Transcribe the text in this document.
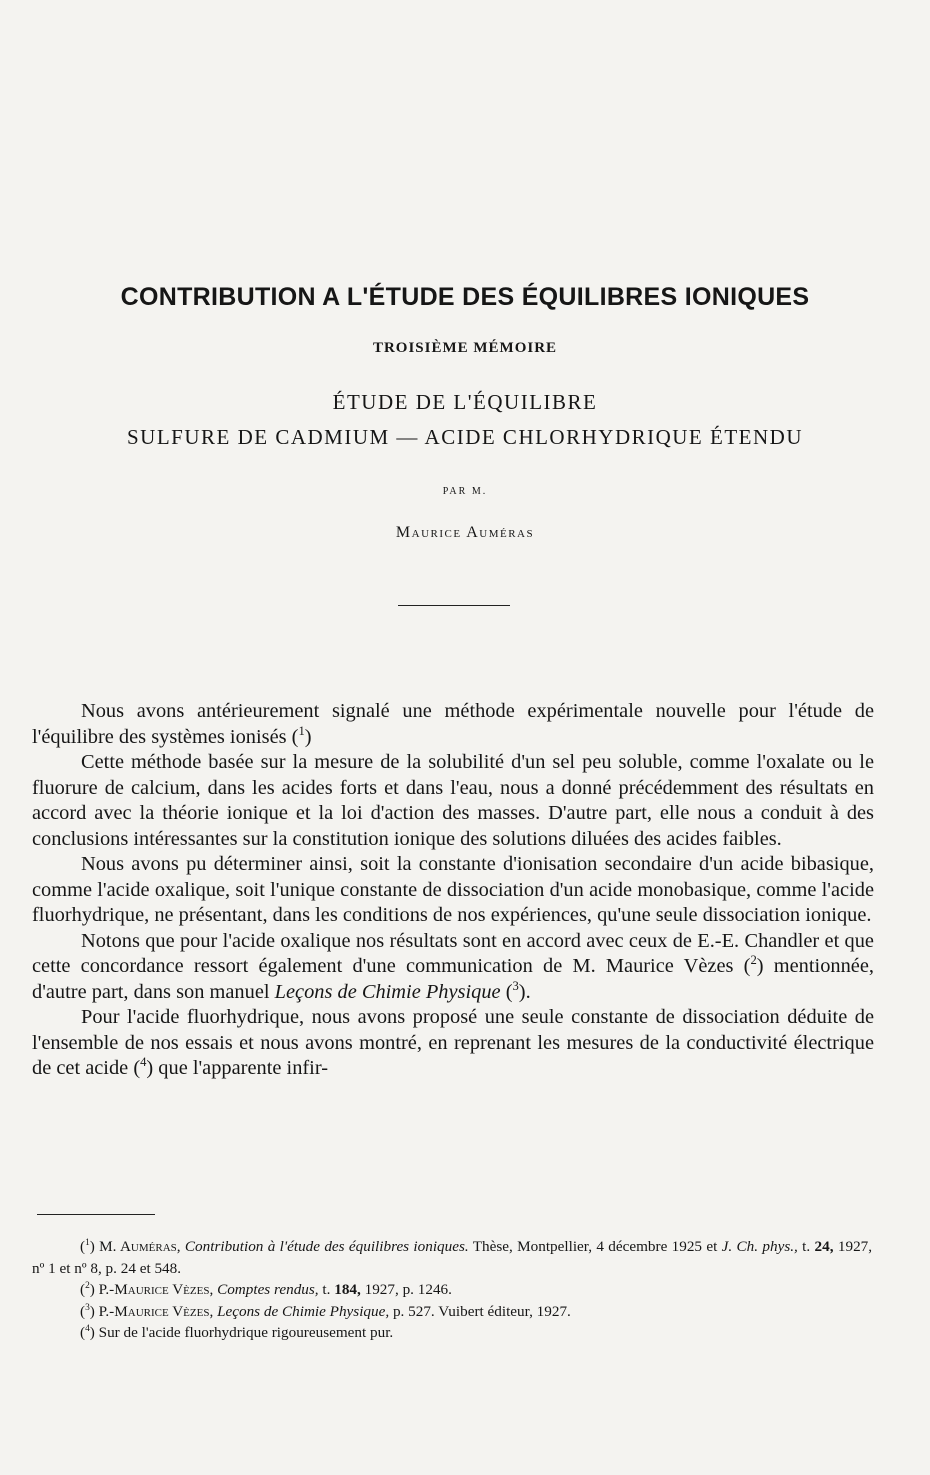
CONTRIBUTION A L'ÉTUDE DES ÉQUILIBRES IONIQUES
TROISIÈME MÉMOIRE
ÉTUDE DE L'ÉQUILIBRE
SULFURE DE CADMIUM — ACIDE CHLORHYDRIQUE ÉTENDU
PAR M.
Maurice Auméras

Nous avons antérieurement signalé une méthode expérimentale nouvelle pour l'étude de l'équilibre des systèmes ionisés ($^1$)

Cette méthode basée sur la mesure de la solubilité d'un sel peu soluble, comme l'oxalate ou le fluorure de calcium, dans les acides forts et dans l'eau, nous a donné précédemment des résultats en accord avec la théorie ionique et la loi d'action des masses. D'autre part, elle nous a conduit à des conclusions intéressantes sur la constitution ionique des solutions diluées des acides faibles.

Nous avons pu déterminer ainsi, soit la constante d'ionisation secondaire d'un acide bibasique, comme l'acide oxalique, soit l'unique constante de dissociation d'un acide monobasique, comme l'acide fluorhydrique, ne présentant, dans les conditions de nos expériences, qu'une seule dissociation ionique.

Notons que pour l'acide oxalique nos résultats sont en accord avec ceux de E.-E. Chandler et que cette concordance ressort également d'une communication de M. Maurice Vèzes ($^2$) mentionnée, d'autre part, dans son manuel Leçons de Chimie Physique ($^3$).

Pour l'acide fluorhydrique, nous avons proposé une seule constante de dissociation déduite de l'ensemble de nos essais et nous avons montré, en reprenant les mesures de la conductivité électrique de cet acide ($^4$) que l'apparente infir-

($^1$) M. Auméras, Contribution à l'étude des équilibres ioniques. Thèse, Montpellier, 4 décembre 1925 et J. Ch. phys., t. 24, 1927, nº 1 et nº 8, p. 24 et 548.

($^2$) P.-Maurice Vèzes, Comptes rendus, t. 184, 1927, p. 1246.

($^3$) P.-Maurice Vèzes, Leçons de Chimie Physique, p. 527. Vuibert éditeur, 1927.

($^4$) Sur de l'acide fluorhydrique rigoureusement pur.
